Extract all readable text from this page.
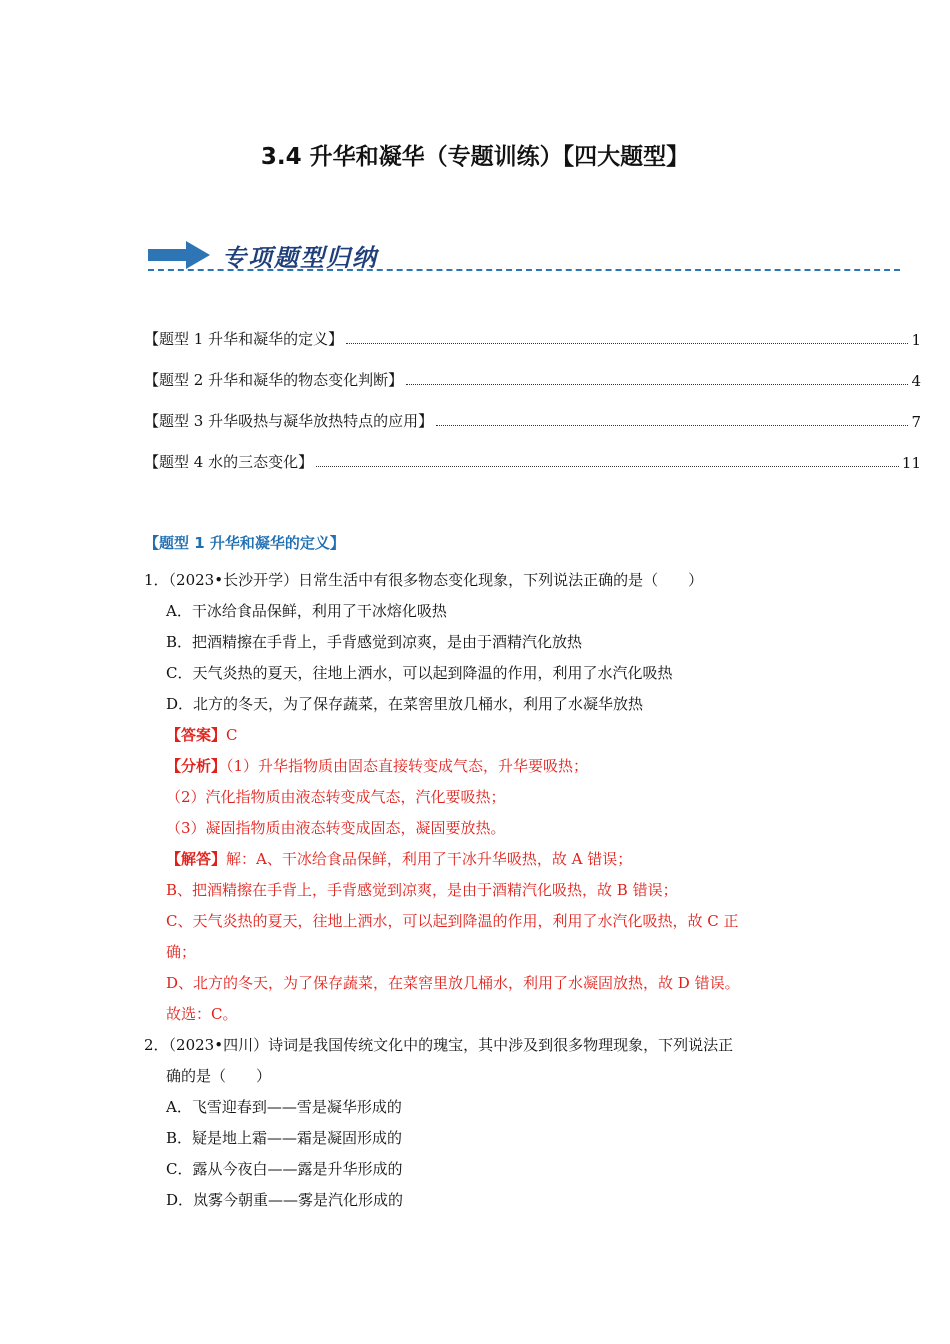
3.4 升华和凝华（专题训练）【四大题型】
专项题型归纳
【题型 1 升华和凝华的定义】	1
【题型 2 升华和凝华的物态变化判断】	4
【题型 3 升华吸热与凝华放热特点的应用】	7
【题型 4 水的三态变化】	11
【题型 1 升华和凝华的定义】
1．（2023•长沙开学）日常生活中有很多物态变化现象，下列说法正确的是（　　）
A．干冰给食品保鲜，利用了干冰熔化吸热
B．把酒精擦在手背上，手背感觉到凉爽，是由于酒精汽化放热
C．天气炎热的夏天，往地上洒水，可以起到降温的作用，利用了水汽化吸热
D．北方的冬天，为了保存蔬菜，在菜窖里放几桶水，利用了水凝华放热
【答案】C
【分析】（1）升华指物质由固态直接转变成气态，升华要吸热；
（2）汽化指物质由液态转变成气态，汽化要吸热；
（3）凝固指物质由液态转变成固态，凝固要放热。
【解答】解：A、干冰给食品保鲜，利用了干冰升华吸热，故 A 错误；
B、把酒精擦在手背上，手背感觉到凉爽，是由于酒精汽化吸热，故 B 错误；
C、天气炎热的夏天，往地上洒水，可以起到降温的作用，利用了水汽化吸热，故 C 正
确；
D、北方的冬天，为了保存蔬菜，在菜窖里放几桶水，利用了水凝固放热，故 D 错误。
故选：C。
2．（2023•四川）诗词是我国传统文化中的瑰宝，其中涉及到很多物理现象，下列说法正
确的是（　　）
A．飞雪迎春到——雪是凝华形成的
B．疑是地上霜——霜是凝固形成的
C．露从今夜白——露是升华形成的
D．岚雾今朝重——雾是汽化形成的
